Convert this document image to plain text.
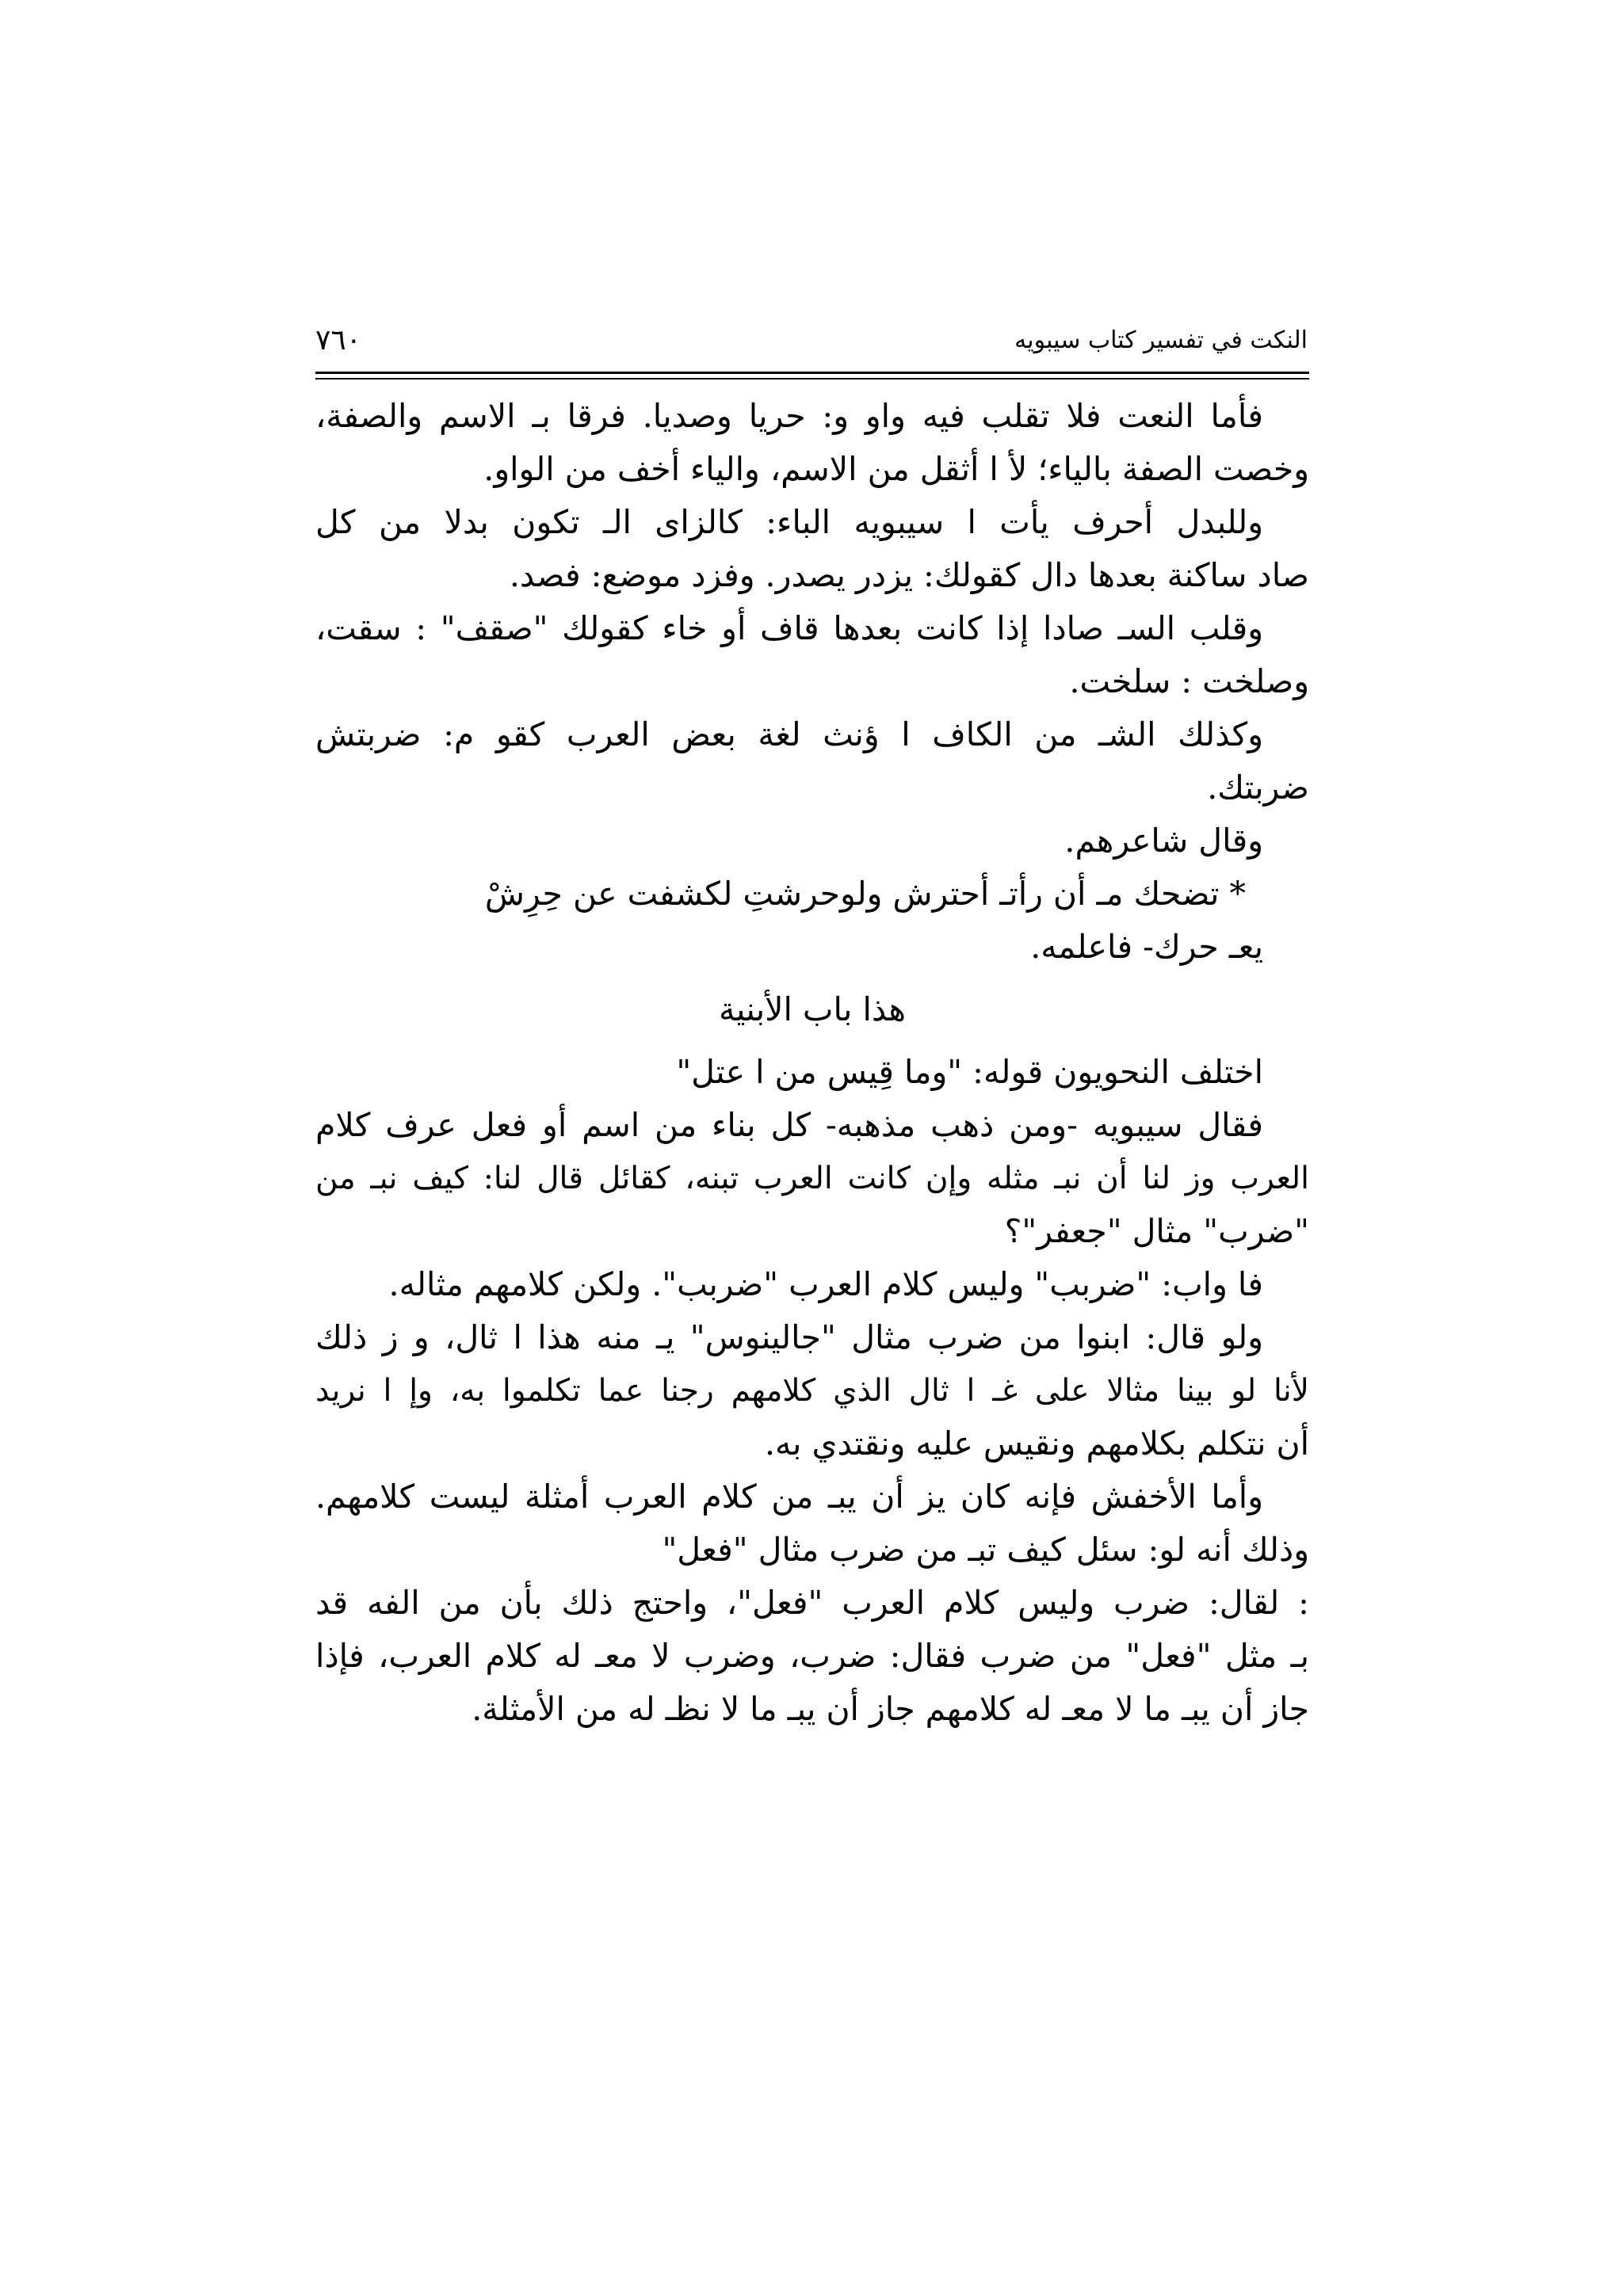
النكت في تفسير كتاب سيبويه
٧٦٠
فأما النعت فلا تقلب فيه واو و: حريا وصديا. فرقا بـ الاسم والصفة،
وخصت الصفة بالياء؛ لأ ا أثقل من الاسم، والياء أخف من الواو.
وللبدل أحرف يأت ا سيبويه الباء: كالزاى الـ تكون بدلا من كل
صاد ساكنة بعدها دال كقولك: يزدر يصدر. وفزد موضع: فصد.
وقلب السـ صادا إذا كانت بعدها قاف أو خاء كقولك "صقف" : سقت،
وصلخت : سلخت.
وكذلك الشـ من الكاف ا ؤنث لغة بعض العرب كقو م: ضربتش
ضربتك.
وقال شاعرهم.
* تضحك مـ أن رأتـ أحترش ولوحرشتِ لكشفت عن حِرِشْ
يعـ حرك- فاعلمه.
هذا باب الأبنية
اختلف النحويون قوله: "وما قِيس من ا عتل"
فقال سيبويه -ومن ذهب مذهبه- كل بناء من اسم أو فعل عرف كلام
العرب وز لنا أن نبـ مثله وإن كانت العرب تبنه، كقائل قال لنا: كيف نبـ من
"ضرب" مثال "جعفر"؟
فا واب: "ضربب" وليس كلام العرب "ضربب". ولكن كلامهم مثاله.
ولو قال: ابنوا من ضرب مثال "جالينوس" يـ منه هذا ا ثال، و ز ذلك
لأنا لو بينا مثالا على غـ ا ثال الذي كلامهم رجنا عما تكلموا به، وإ ا نريد
أن نتكلم بكلامهم ونقيس عليه ونقتدي به.
وأما الأخفش فإنه كان يز أن يبـ من كلام العرب أمثلة ليست كلامهم.
وذلك أنه لو: سئل كيف تبـ من ضرب مثال "فعل"
: لقال: ضرب وليس كلام العرب "فعل"، واحتج ذلك بأن من الفه قد
بـ مثل "فعل" من ضرب فقال: ضرب، وضرب لا معـ له كلام العرب، فإذا
جاز أن يبـ ما لا معـ له كلامهم جاز أن يبـ ما لا نظـ له من الأمثلة.
